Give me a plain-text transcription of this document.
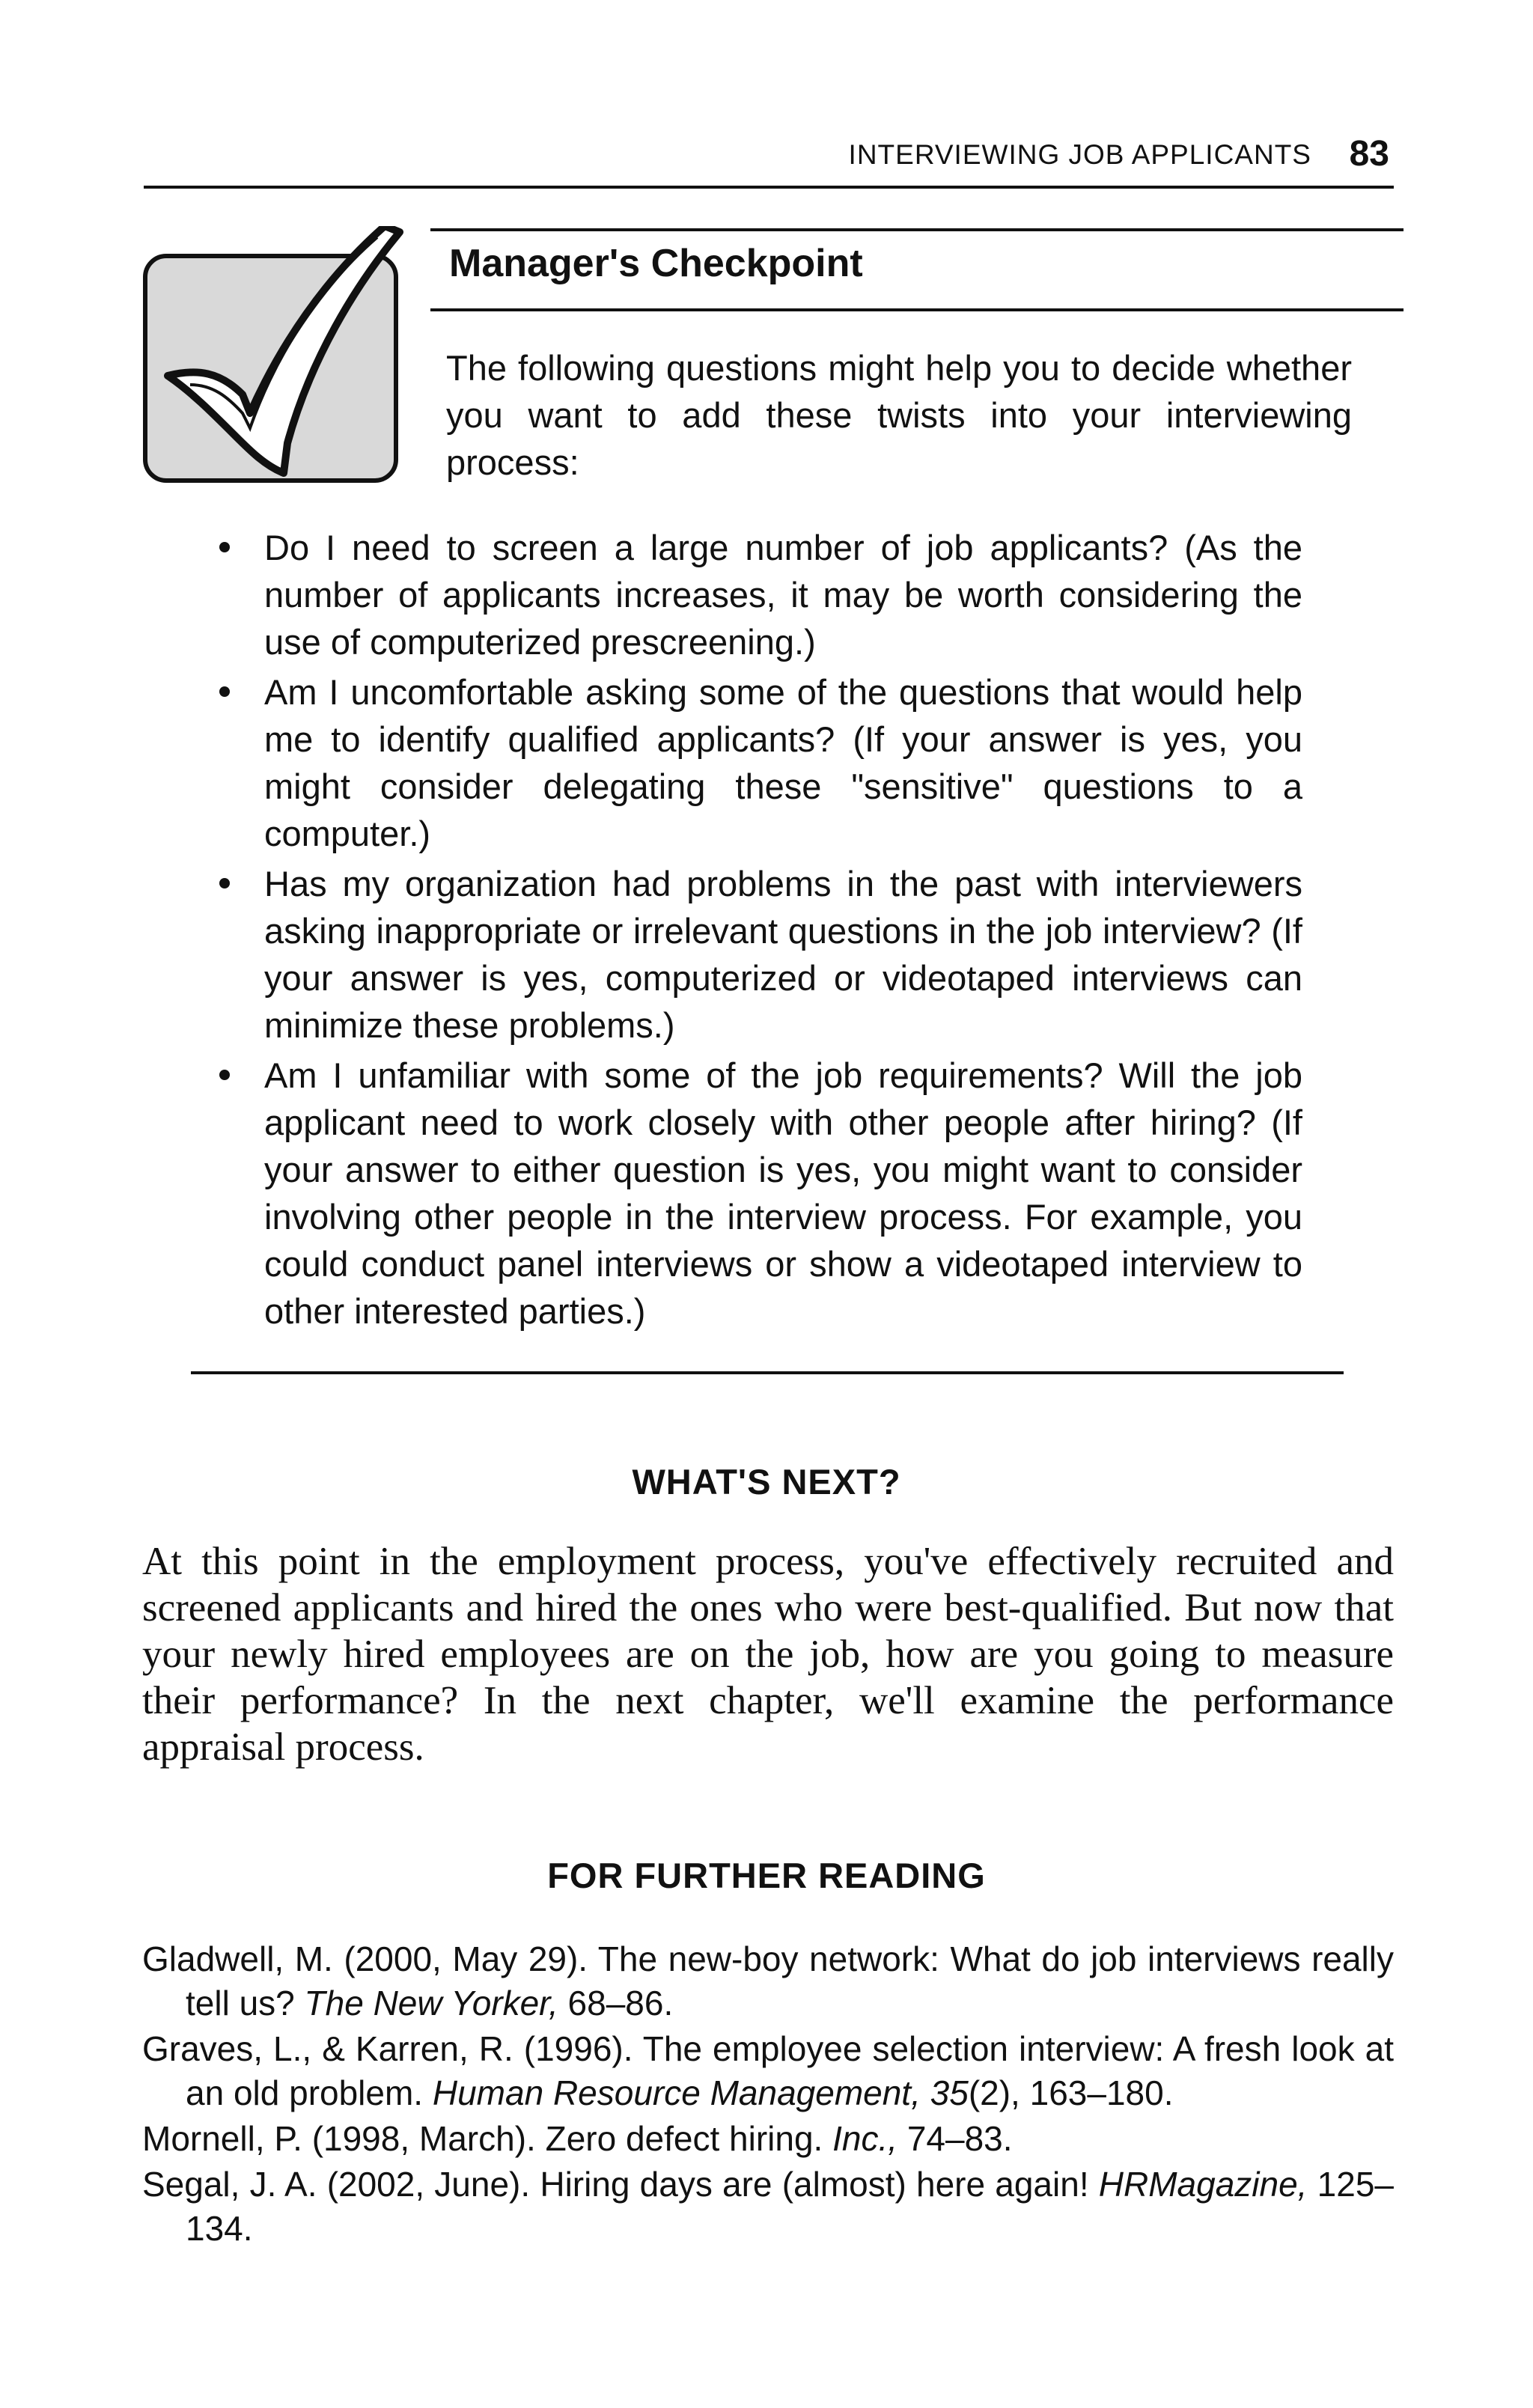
INTERVIEWING JOB APPLICANTS 83
Manager's Checkpoint
The following questions might help you to decide whether you want to add these twists into your interviewing process:
Do I need to screen a large number of job applicants? (As the number of applicants increases, it may be worth considering the use of computerized prescreening.)
Am I uncomfortable asking some of the questions that would help me to identify qualified applicants? (If your answer is yes, you might consider delegating these "sensitive" questions to a computer.)
Has my organization had problems in the past with interviewers asking inappropriate or irrelevant questions in the job interview? (If your answer is yes, computerized or videotaped interviews can minimize these problems.)
Am I unfamiliar with some of the job requirements? Will the job applicant need to work closely with other people after hiring? (If your answer to either question is yes, you might want to consider involving other people in the interview process. For example, you could conduct panel interviews or show a videotaped interview to other interested parties.)
WHAT'S NEXT?
At this point in the employment process, you've effectively recruited and screened applicants and hired the ones who were best-qualified. But now that your newly hired employees are on the job, how are you going to measure their performance? In the next chapter, we'll examine the performance appraisal process.
FOR FURTHER READING
Gladwell, M. (2000, May 29). The new-boy network: What do job interviews really tell us? The New Yorker, 68–86.
Graves, L., & Karren, R. (1996). The employee selection interview: A fresh look at an old problem. Human Resource Management, 35(2), 163–180.
Mornell, P. (1998, March). Zero defect hiring. Inc., 74–83.
Segal, J. A. (2002, June). Hiring days are (almost) here again! HRMagazine, 125–134.
